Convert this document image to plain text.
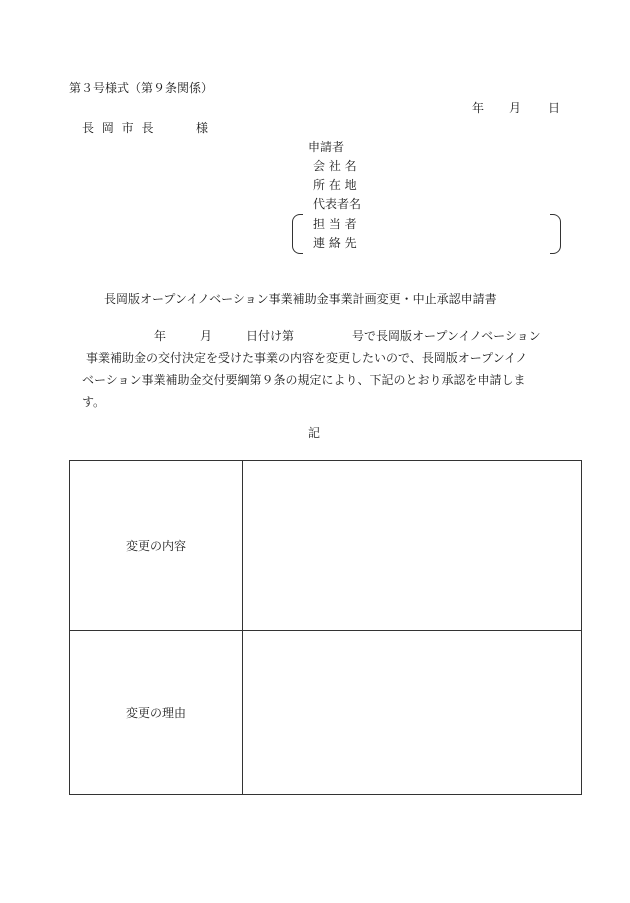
第３号様式（第９条関係）
年 月 日
長 岡 市 長	様
申請者
会 社 名
所 在 地
代表者名
担 当 者
連 絡 先
長岡版オープンイノベーション事業補助金事業計画変更・中止承認申請書
年	月	日付け第	号で長岡版オープンイノベーション
事業補助金の交付決定を受けた事業の内容を変更したいので、長岡版オープンイノ
ベーション事業補助金交付要綱第９条の規定により、下記のとおり承認を申請しま
す。
記
変更の内容	
変更の理由	
